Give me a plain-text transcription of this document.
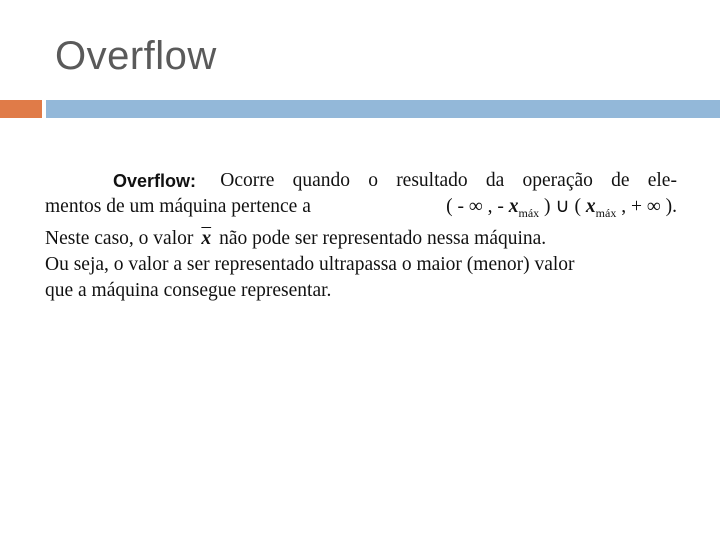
Overflow
Overflow: Ocorre quando o resultado da operação de ele-
mentos de um máquina pertence a	( - ∞ , - $x_{máx}$ ) ∪ ( $x_{máx}$ , + ∞ ).
Neste caso, o valor $\overline{x}$ não pode ser representado nessa máquina.
Ou seja, o valor a ser representado ultrapassa o maior (menor) valor
que a máquina consegue representar.
